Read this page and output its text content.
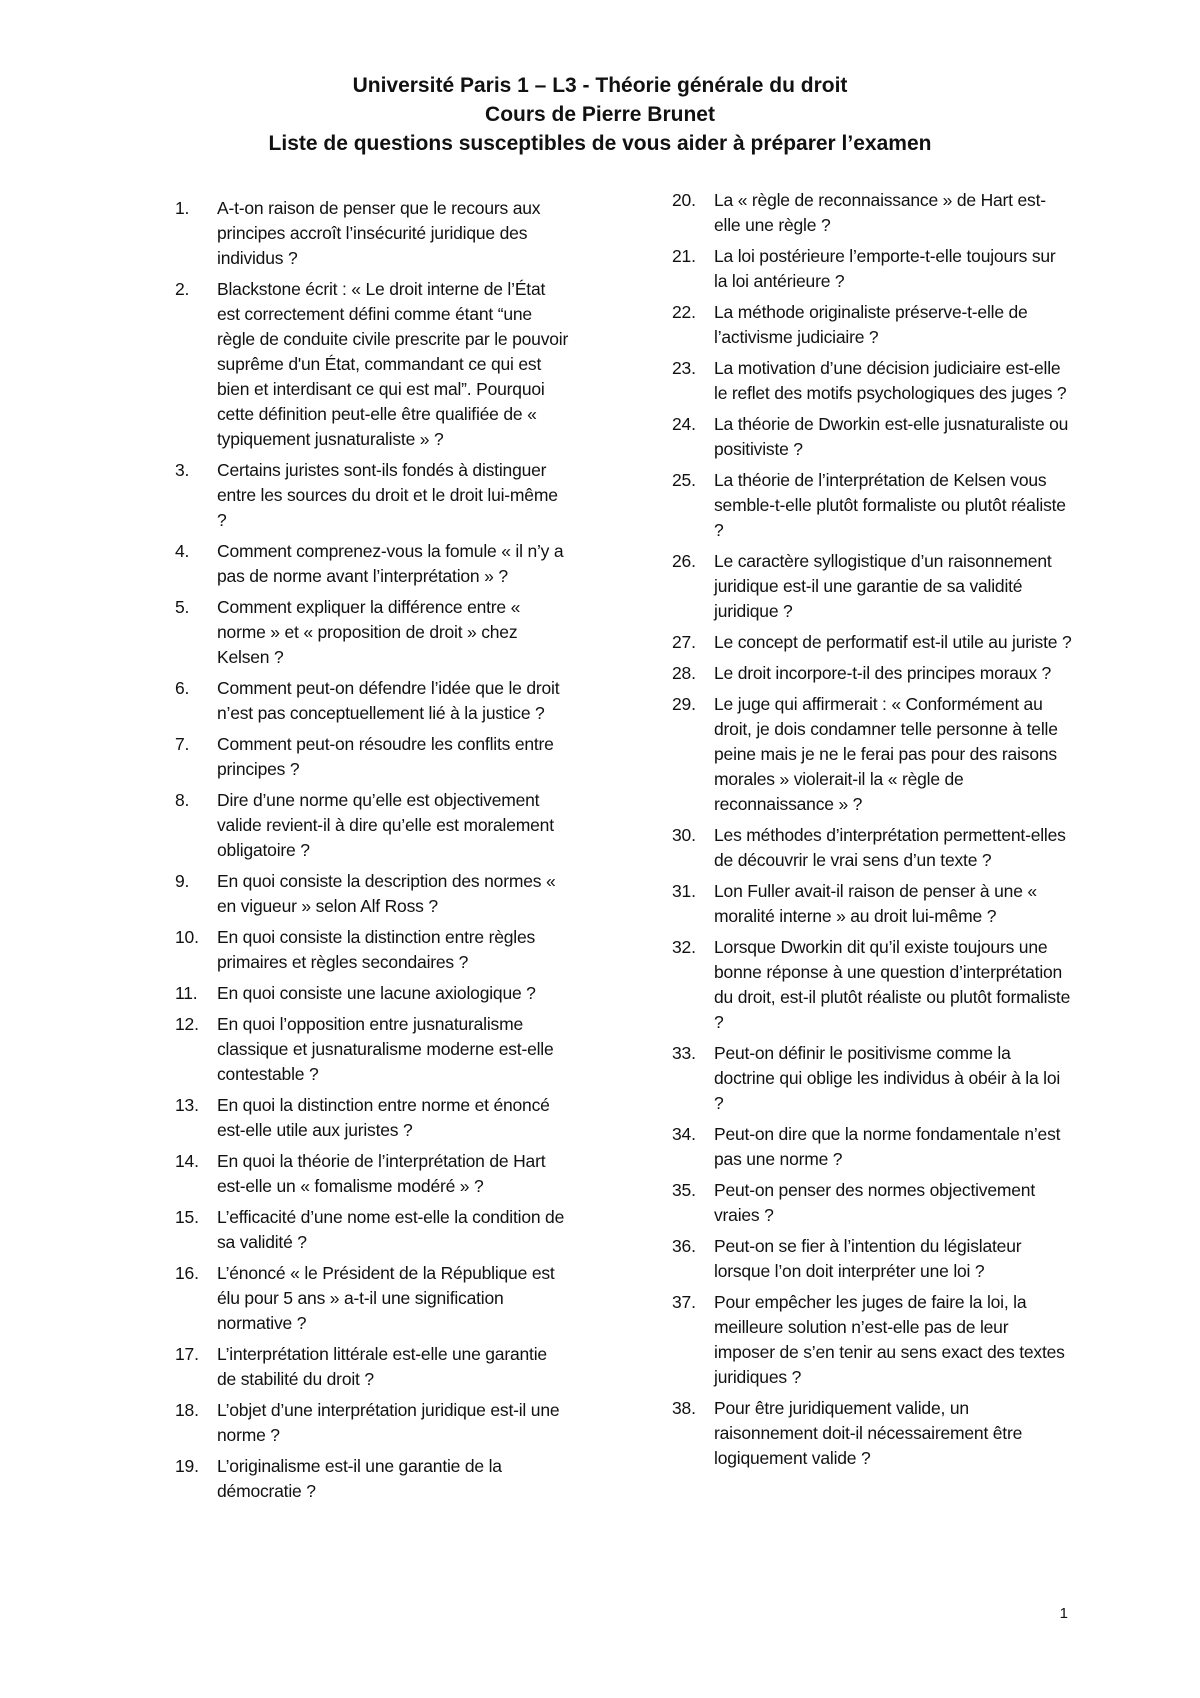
Université Paris 1 – L3 - Théorie générale du droit
Cours de Pierre Brunet
Liste de questions susceptibles de vous aider à préparer l’examen
1.	A-t-on raison de penser que le recours aux principes accroît l’insécurité juridique des individus ?
2.	Blackstone écrit : « Le droit interne de l’État est correctement défini comme étant “une règle de conduite civile prescrite par le pouvoir suprême d'un État, commandant ce qui est bien et interdisant ce qui est mal”. Pourquoi cette définition peut-elle être qualifiée de « typiquement jusnaturaliste » ?
3.	Certains juristes sont-ils fondés à distinguer entre les sources du droit et le droit lui-même ?
4.	Comment comprenez-vous la fomule « il n’y a pas de norme avant l’interprétation » ?
5.	Comment expliquer la différence entre « norme » et « proposition de droit » chez Kelsen ?
6.	Comment peut-on défendre l’idée que le droit n’est pas conceptuellement lié à la justice ?
7.	Comment peut-on résoudre les conflits entre principes ?
8.	Dire d’une norme qu’elle est objectivement valide revient-il à dire qu’elle est moralement obligatoire ?
9.	En quoi consiste la description des normes « en vigueur » selon Alf Ross ?
10.	En quoi consiste la distinction entre règles primaires et règles secondaires ?
11.	En quoi consiste une lacune axiologique ?
12.	En quoi l’opposition entre jusnaturalisme classique et jusnaturalisme moderne est-elle contestable ?
13.	En quoi la distinction entre norme et énoncé est-elle utile aux juristes ?
14.	En quoi la théorie de l’interprétation de Hart est-elle un « fomalisme modéré » ?
15.	L’efficacité d’une nome est-elle la condition de sa validité ?
16.	L’énoncé « le Président de la République est élu pour 5 ans » a-t-il une signification normative ?
17.	L’interprétation littérale est-elle une garantie de stabilité du droit ?
18.	L’objet d’une interprétation juridique est-il une norme ?
19.	L’originalisme est-il une garantie de la démocratie ?
20.	La « règle de reconnaissance » de Hart est-elle une règle ?
21.	La loi postérieure l’emporte-t-elle toujours sur la loi antérieure ?
22.	La méthode originaliste préserve-t-elle de l’activisme judiciaire ?
23.	La motivation d’une décision judiciaire est-elle le reflet des motifs psychologiques des juges ?
24.	La théorie de Dworkin est-elle jusnaturaliste ou positiviste ?
25.	La théorie de l’interprétation de Kelsen vous semble-t-elle plutôt formaliste ou plutôt réaliste ?
26.	Le caractère syllogistique d’un raisonnement juridique est-il une garantie de sa validité juridique ?
27.	Le concept de performatif est-il utile au juriste ?
28.	Le droit incorpore-t-il des principes moraux ?
29.	Le juge qui affirmerait : « Conformément au droit, je dois condamner telle personne à telle peine mais je ne le ferai pas pour des raisons morales » violerait-il la « règle de reconnaissance » ?
30.	Les méthodes d’interprétation permettent-elles de découvrir le vrai sens d’un texte ?
31.	Lon Fuller avait-il raison de penser à une « moralité interne » au droit lui-même ?
32.	Lorsque Dworkin dit qu’il existe toujours une bonne réponse à une question d’interprétation du droit, est-il plutôt réaliste ou plutôt formaliste ?
33.	Peut-on définir le positivisme comme la doctrine qui oblige les individus à obéir à la loi ?
34.	Peut-on dire que la norme fondamentale n’est pas une norme ?
35.	Peut-on penser des normes objectivement vraies ?
36.	Peut-on se fier à l’intention du législateur lorsque l’on doit interpréter une loi ?
37.	Pour empêcher les juges de faire la loi, la meilleure solution n’est-elle pas de leur imposer de s’en tenir au sens exact des textes juridiques ?
38.	Pour être juridiquement valide, un raisonnement doit-il nécessairement être logiquement valide ?
1
